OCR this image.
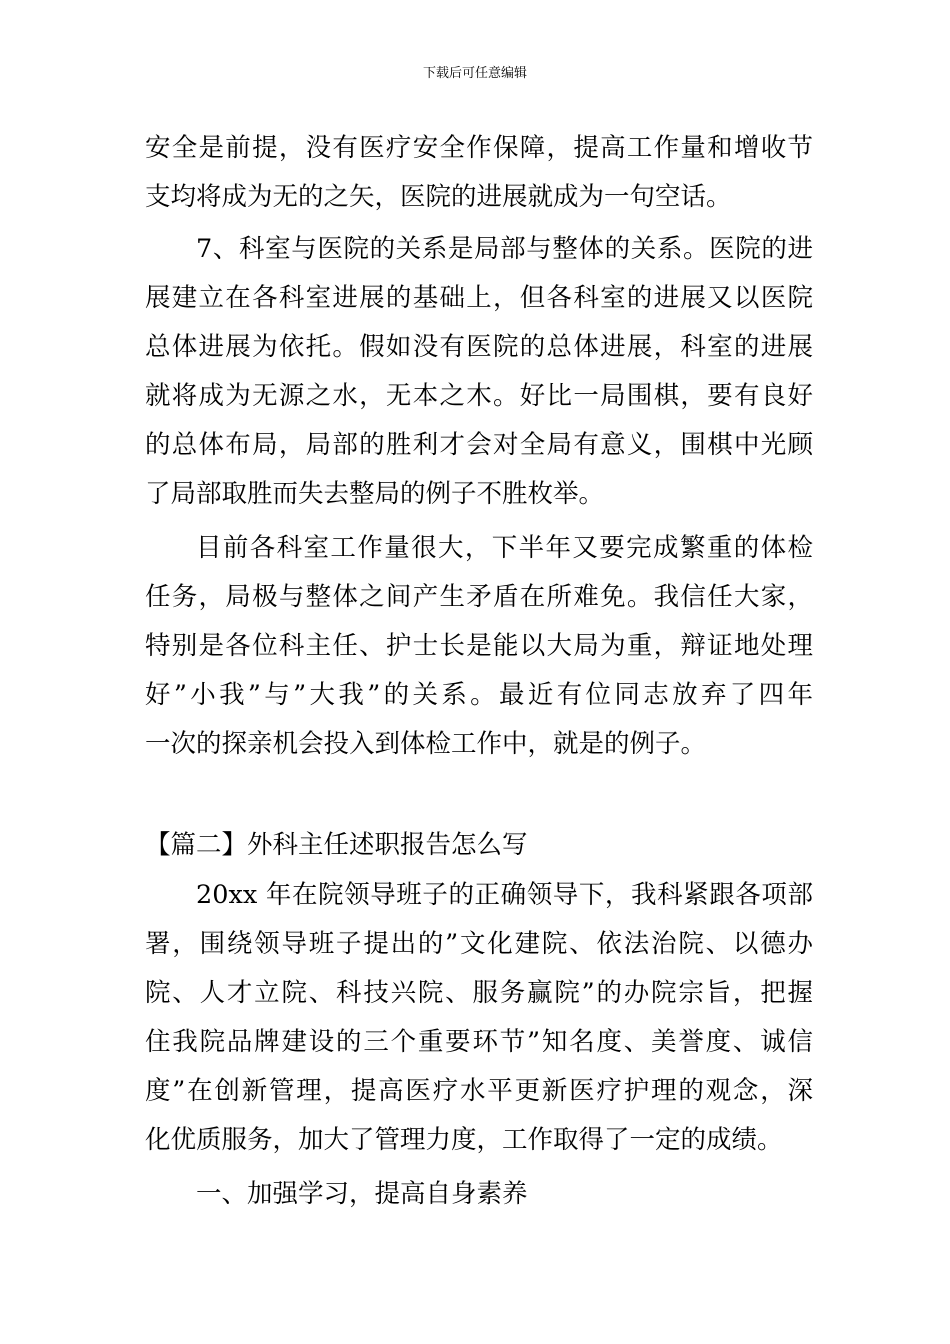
下载后可任意编辑
安全是前提，没有医疗安全作保障，提高工作量和增收节
支均将成为无的之矢，医院的进展就成为一句空话。
7、科室与医院的关系是局部与整体的关系。医院的进
展建立在各科室进展的基础上，但各科室的进展又以医院
总体进展为依托。假如没有医院的总体进展，科室的进展
就将成为无源之水，无本之木。好比一局围棋，要有良好
的总体布局，局部的胜利才会对全局有意义，围棋中光顾
了局部取胜而失去整局的例子不胜枚举。
目前各科室工作量很大，下半年又要完成繁重的体检
任务，局极与整体之间产生矛盾在所难免。我信任大家，
特别是各位科主任、护士长是能以大局为重，辩证地处理
好”小我”与”大我”的关系。最近有位同志放弃了四年
一次的探亲机会投入到体检工作中，就是的例子。
【篇二】外科主任述职报告怎么写
20xx 年在院领导班子的正确领导下，我科紧跟各项部
署，围绕领导班子提出的”文化建院、依法治院、以德办
院、人才立院、科技兴院、服务赢院”的办院宗旨，把握
住我院品牌建设的三个重要环节”知名度、美誉度、诚信
度”在创新管理，提高医疗水平更新医疗护理的观念，深
化优质服务，加大了管理力度，工作取得了一定的成绩。
一、加强学习，提高自身素养
